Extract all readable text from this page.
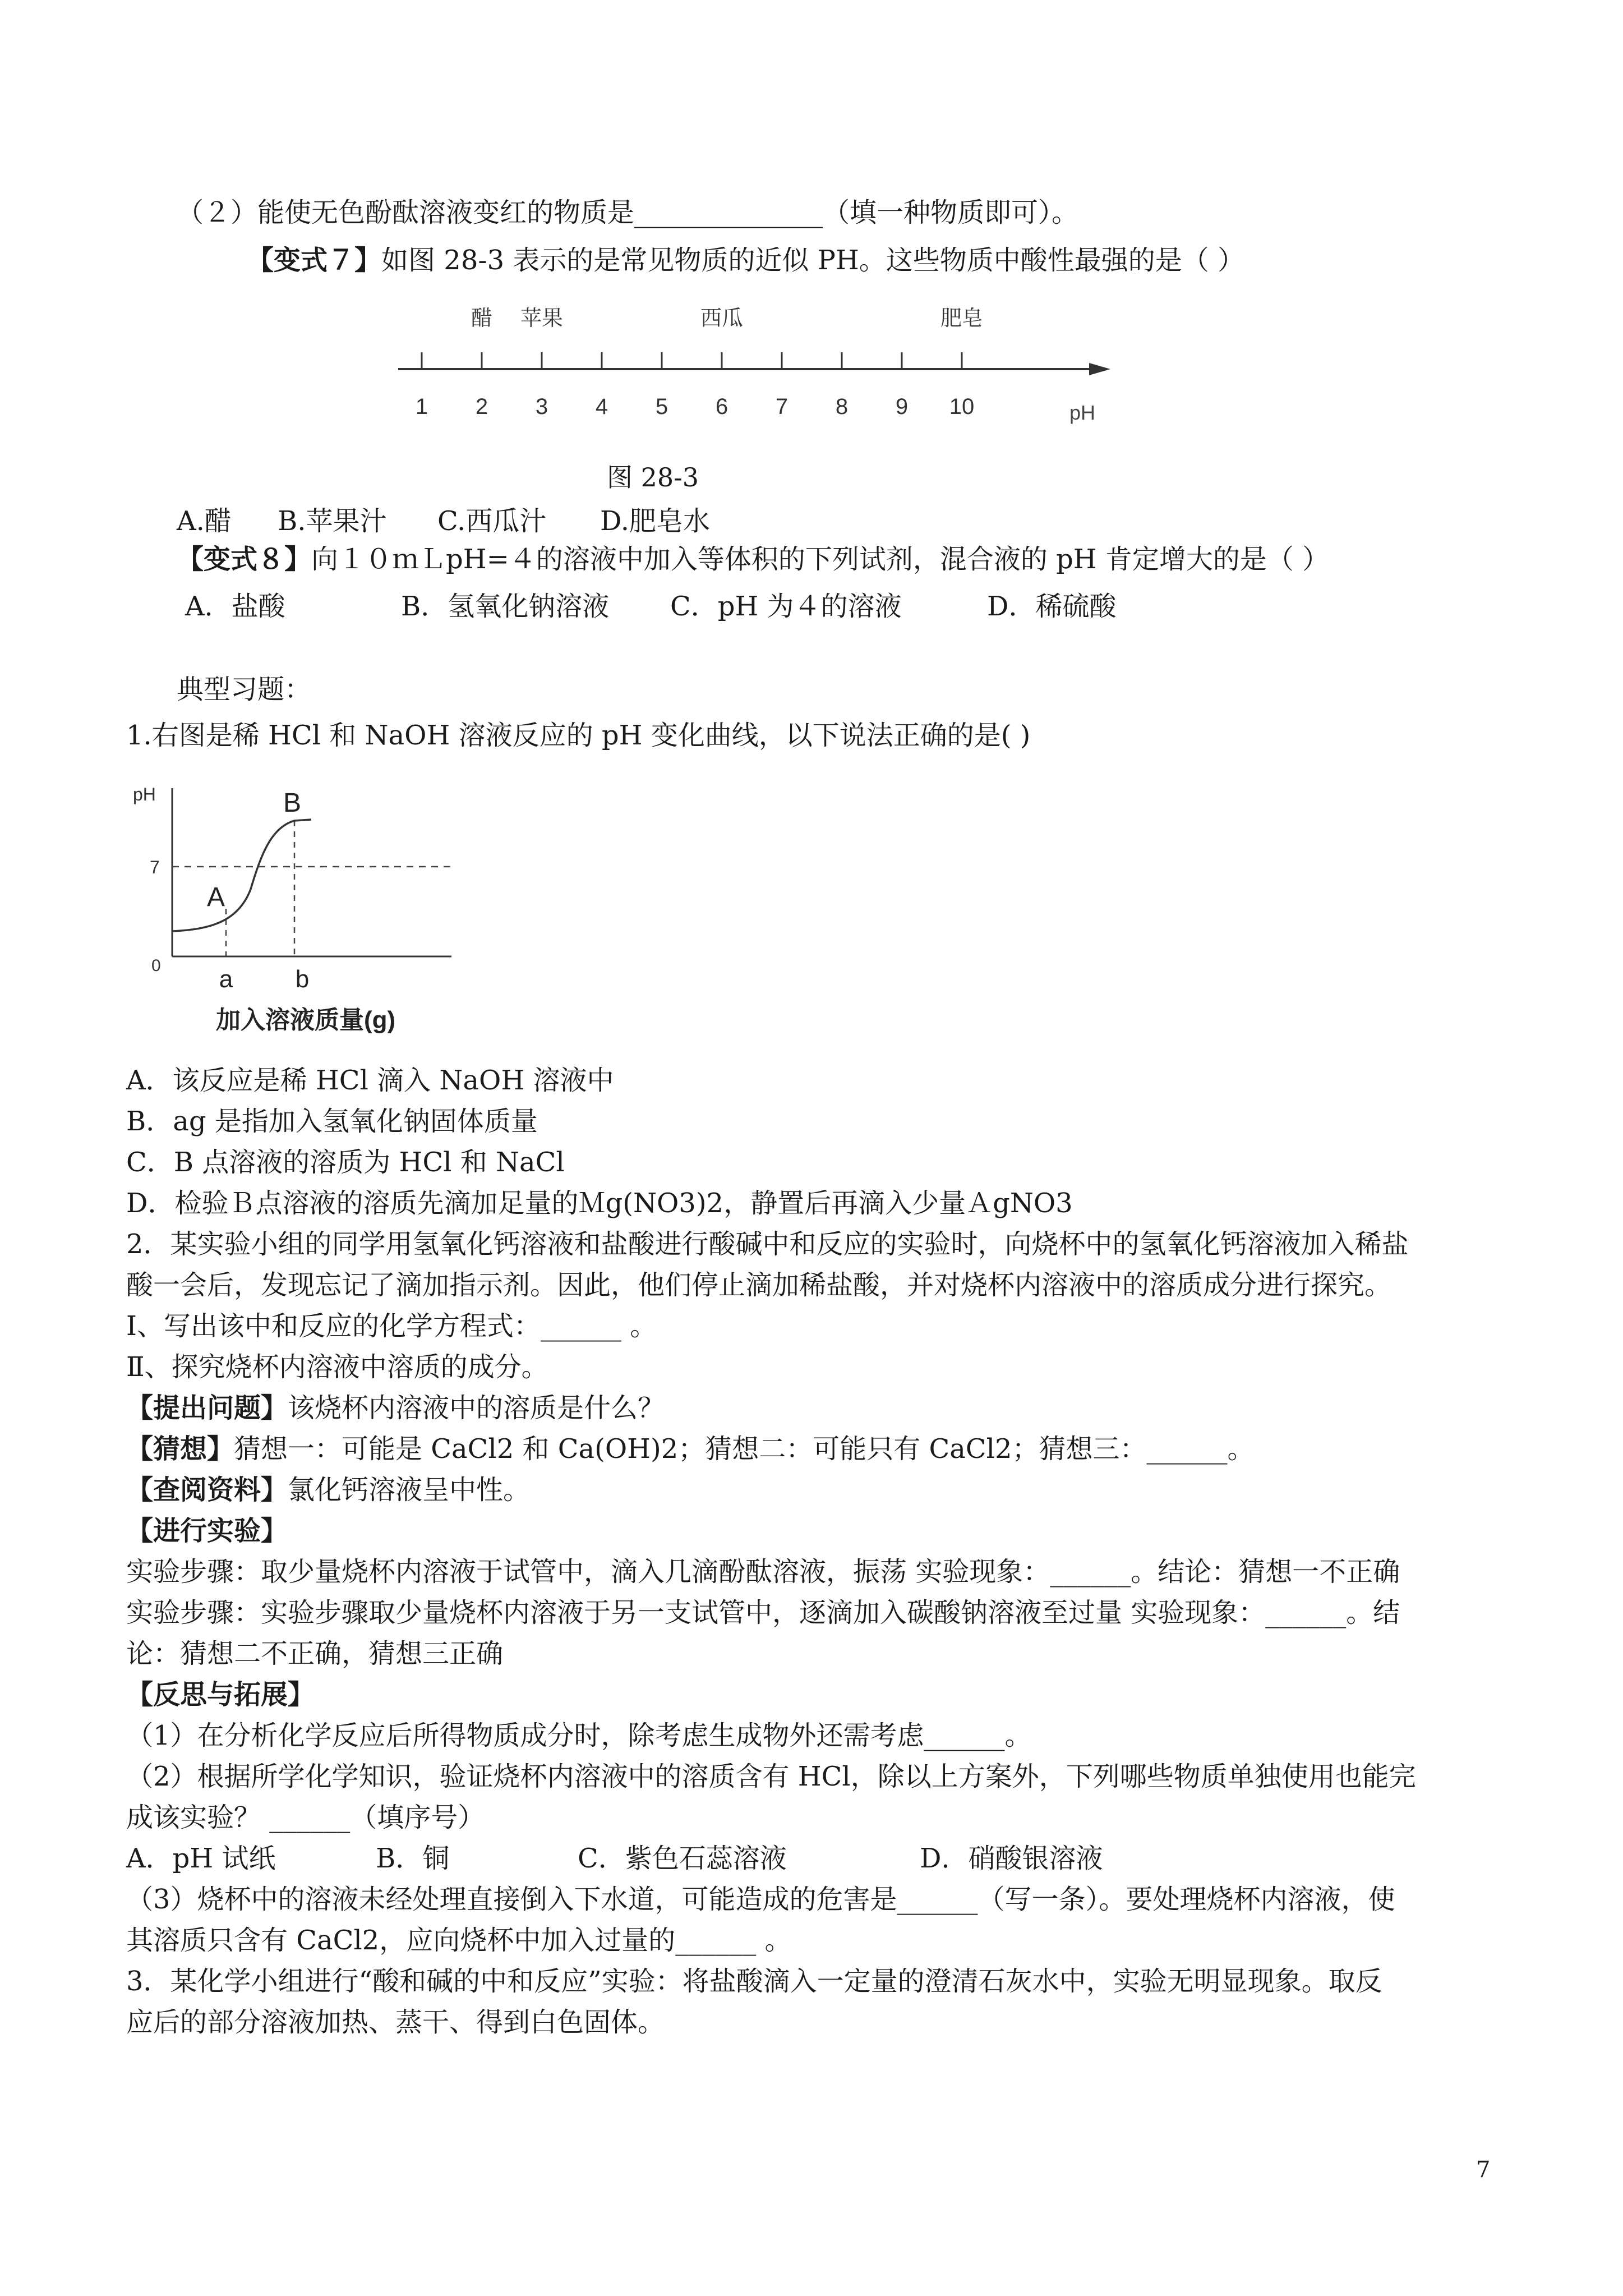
（２）能使无色酚酞溶液变红的物质是______________（填一种物质即可）。
【变式７】如图 28-3 表示的是常见物质的近似 PH。这些物质中酸性最强的是（ ）
1 2 3 4 5 6 7 8 9 10	pH
醋 苹果	西瓜	肥皂
图 28-3
A.醋 B.苹果汁 C.西瓜汁 D.肥皂水
【变式８】向１０ｍＬpH=４的溶液中加入等体积的下列试剂，混合液的 pH 肯定增大的是（ ）
A．盐酸	B．氢氧化钠溶液 C．pH 为４的溶液	D．稀硫酸
典型习题：
1.右图是稀 HCl 和 NaOH 溶液反应的 pH 变化曲线，以下说法正确的是( )
pH
7
0 a	b
A
B
加入溶液质量(g)
A．该反应是稀 HCl 滴入 NaOH 溶液中
B．ag 是指加入氢氧化钠固体质量
C．B 点溶液的溶质为 HCl 和 NaCl
D．检验Ｂ点溶液的溶质先滴加足量的Ｍg(NO3)2，静置后再滴入少量ＡgNO3
2．某实验小组的同学用氢氧化钙溶液和盐酸进行酸碱中和反应的实验时，向烧杯中的氢氧化钙溶液加入稀盐
酸一会后，发现忘记了滴加指示剂。因此，他们停止滴加稀盐酸，并对烧杯内溶液中的溶质成分进行探究。
Ⅰ、写出该中和反应的化学方程式：______ 。
Ⅱ、探究烧杯内溶液中溶质的成分。
【提出问题】该烧杯内溶液中的溶质是什么？
【猜想】猜想一：可能是 CaCl2 和 Ca(OH)2；猜想二：可能只有 CaCl2；猜想三：______。
【查阅资料】氯化钙溶液呈中性。
【进行实验】
实验步骤：取少量烧杯内溶液于试管中，滴入几滴酚酞溶液，振荡 实验现象：______。结论：猜想一不正确
实验步骤：实验步骤取少量烧杯内溶液于另一支试管中，逐滴加入碳酸钠溶液至过量 实验现象：______。结
论：猜想二不正确，猜想三正确
【反思与拓展】
（1）在分析化学反应后所得物质成分时，除考虑生成物外还需考虑______。
（2）根据所学化学知识，验证烧杯内溶液中的溶质含有 HCl，除以上方案外，下列哪些物质单独使用也能完
成该实验？ ______（填序号）
A．pH 试纸	B．铜	C．紫色石蕊溶液	D．硝酸银溶液
（3）烧杯中的溶液未经处理直接倒入下水道，可能造成的危害是______（写一条）。要处理烧杯内溶液，使
其溶质只含有 CaCl2，应向烧杯中加入过量的______ 。
3．某化学小组进行“酸和碱的中和反应”实验：将盐酸滴入一定量的澄清石灰水中，实验无明显现象。取反
应后的部分溶液加热、蒸干、得到白色固体。
7
